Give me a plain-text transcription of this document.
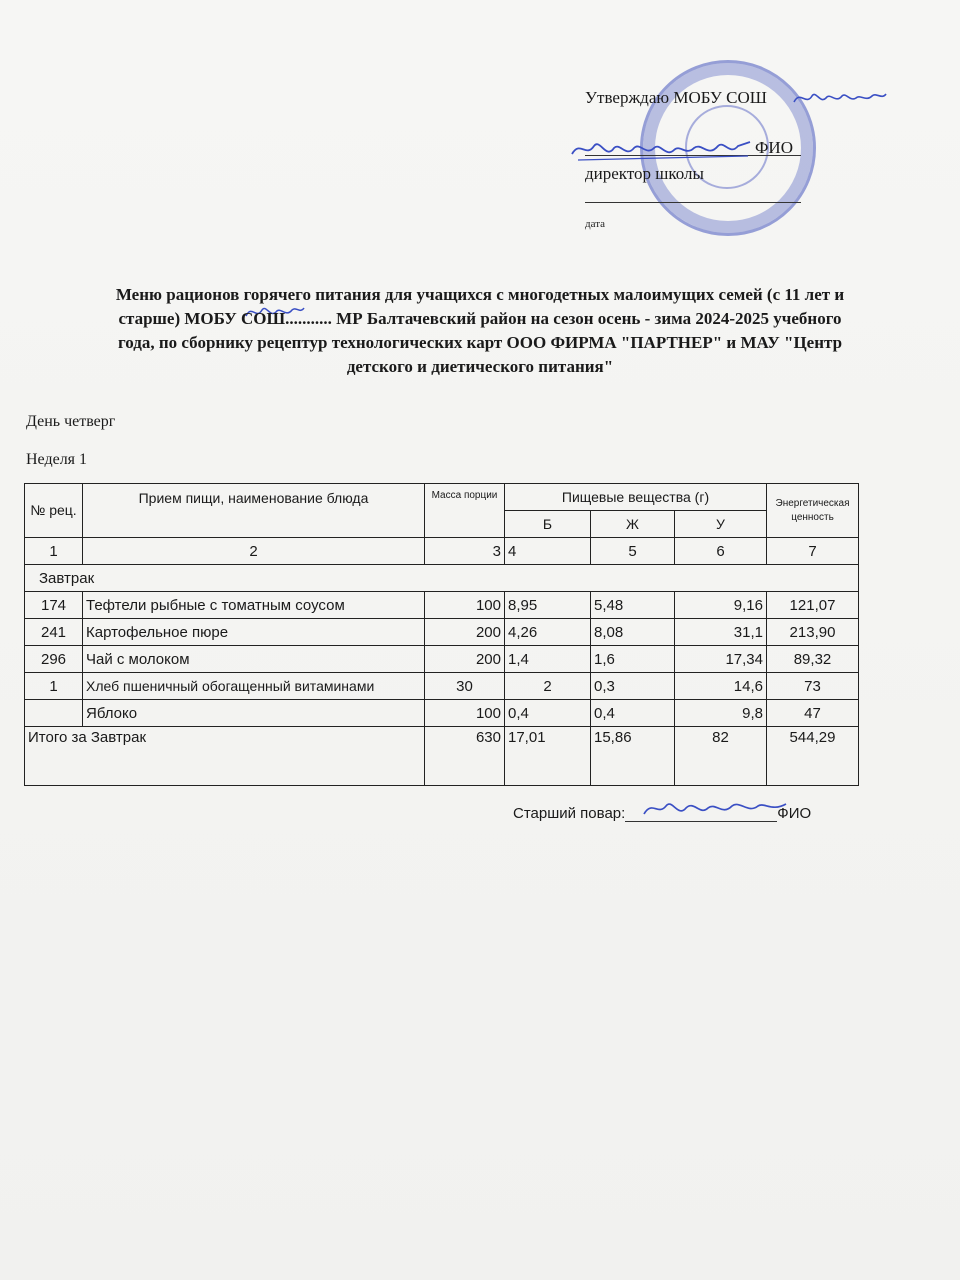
Утверждаю МОБУ СОШ
ФИО
директор школы
дата
Меню рационов горячего питания для учащихся с многодетных малоимущих семей (с 11 лет и
старше) МОБУ СОШ........... МР Балтачевский район на сезон осень - зима 2024-2025 учебного
года, по сборнику рецептур технологических карт ООО ФИРМА "ПАРТНЕР" и МАУ "Центр
детского и диетического питания"
День четверг
Неделя 1
№ рец.	Прием пищи, наименование блюда	Масса порции	Пищевые вещества (г)			Энергетическая ценность
			Б	Ж	У	
1	2	3	4	5	6	7
Завтрак						
174	Тефтели рыбные с томатным соусом	100	8,95	5,48	9,16	121,07
241	Картофельное пюре	200	4,26	8,08	31,1	213,90
296	Чай с молоком	200	1,4	1,6	17,34	89,32
1	Хлеб пшеничный обогащенный витаминами	30	2	0,3	14,6	73
	Яблоко	100	0,4	0,4	9,8	47
Итого за Завтрак		630	17,01	15,86	82	544,29
Старший повар:	ФИО
